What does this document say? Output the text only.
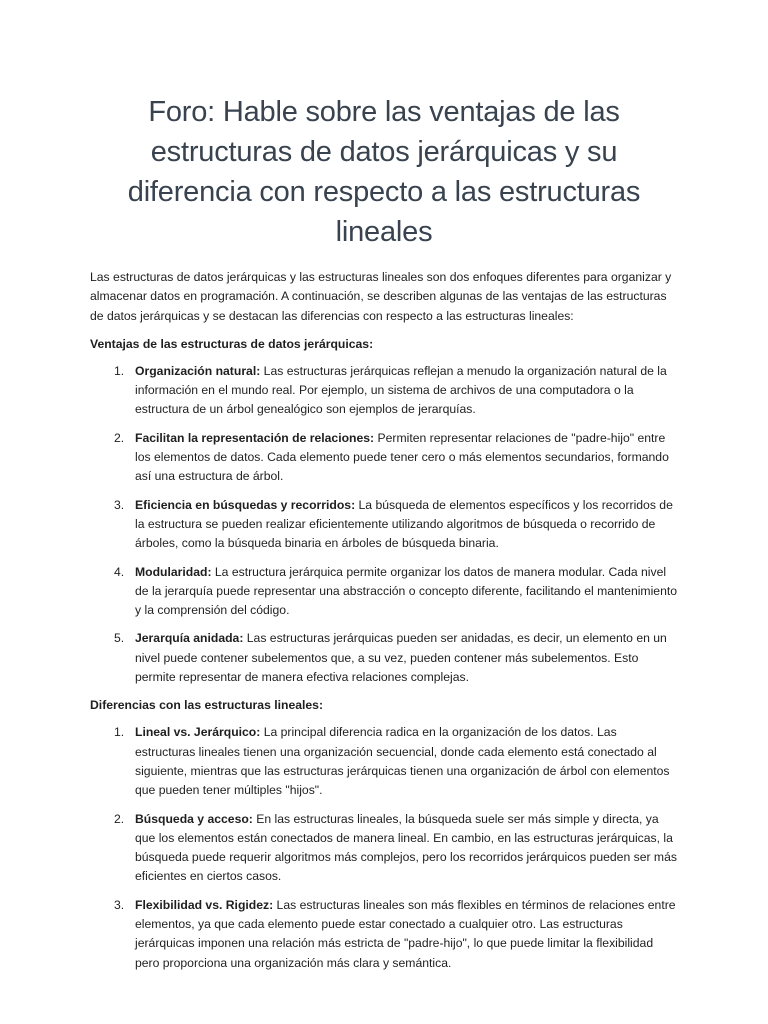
Foro: Hable sobre las ventajas de las estructuras de datos jerárquicas y su diferencia con respecto a las estructuras lineales

Las estructuras de datos jerárquicas y las estructuras lineales son dos enfoques diferentes para organizar y almacenar datos en programación. A continuación, se describen algunas de las ventajas de las estructuras de datos jerárquicas y se destacan las diferencias con respecto a las estructuras lineales:

Ventajas de las estructuras de datos jerárquicas:
1. Organización natural: Las estructuras jerárquicas reflejan a menudo la organización natural de la información en el mundo real. Por ejemplo, un sistema de archivos de una computadora o la estructura de un árbol genealógico son ejemplos de jerarquías.
2. Facilitan la representación de relaciones: Permiten representar relaciones de "padre-hijo" entre los elementos de datos. Cada elemento puede tener cero o más elementos secundarios, formando así una estructura de árbol.
3. Eficiencia en búsquedas y recorridos: La búsqueda de elementos específicos y los recorridos de la estructura se pueden realizar eficientemente utilizando algoritmos de búsqueda o recorrido de árboles, como la búsqueda binaria en árboles de búsqueda binaria.
4. Modularidad: La estructura jerárquica permite organizar los datos de manera modular. Cada nivel de la jerarquía puede representar una abstracción o concepto diferente, facilitando el mantenimiento y la comprensión del código.
5. Jerarquía anidada: Las estructuras jerárquicas pueden ser anidadas, es decir, un elemento en un nivel puede contener subelementos que, a su vez, pueden contener más subelementos. Esto permite representar de manera efectiva relaciones complejas.
Diferencias con las estructuras lineales:
1. Lineal vs. Jerárquico: La principal diferencia radica en la organización de los datos. Las estructuras lineales tienen una organización secuencial, donde cada elemento está conectado al siguiente, mientras que las estructuras jerárquicas tienen una organización de árbol con elementos que pueden tener múltiples "hijos".
2. Búsqueda y acceso: En las estructuras lineales, la búsqueda suele ser más simple y directa, ya que los elementos están conectados de manera lineal. En cambio, en las estructuras jerárquicas, la búsqueda puede requerir algoritmos más complejos, pero los recorridos jerárquicos pueden ser más eficientes en ciertos casos.
3. Flexibilidad vs. Rigidez: Las estructuras lineales son más flexibles en términos de relaciones entre elementos, ya que cada elemento puede estar conectado a cualquier otro. Las estructuras jerárquicas imponen una relación más estricta de "padre-hijo", lo que puede limitar la flexibilidad pero proporciona una organización más clara y semántica.
